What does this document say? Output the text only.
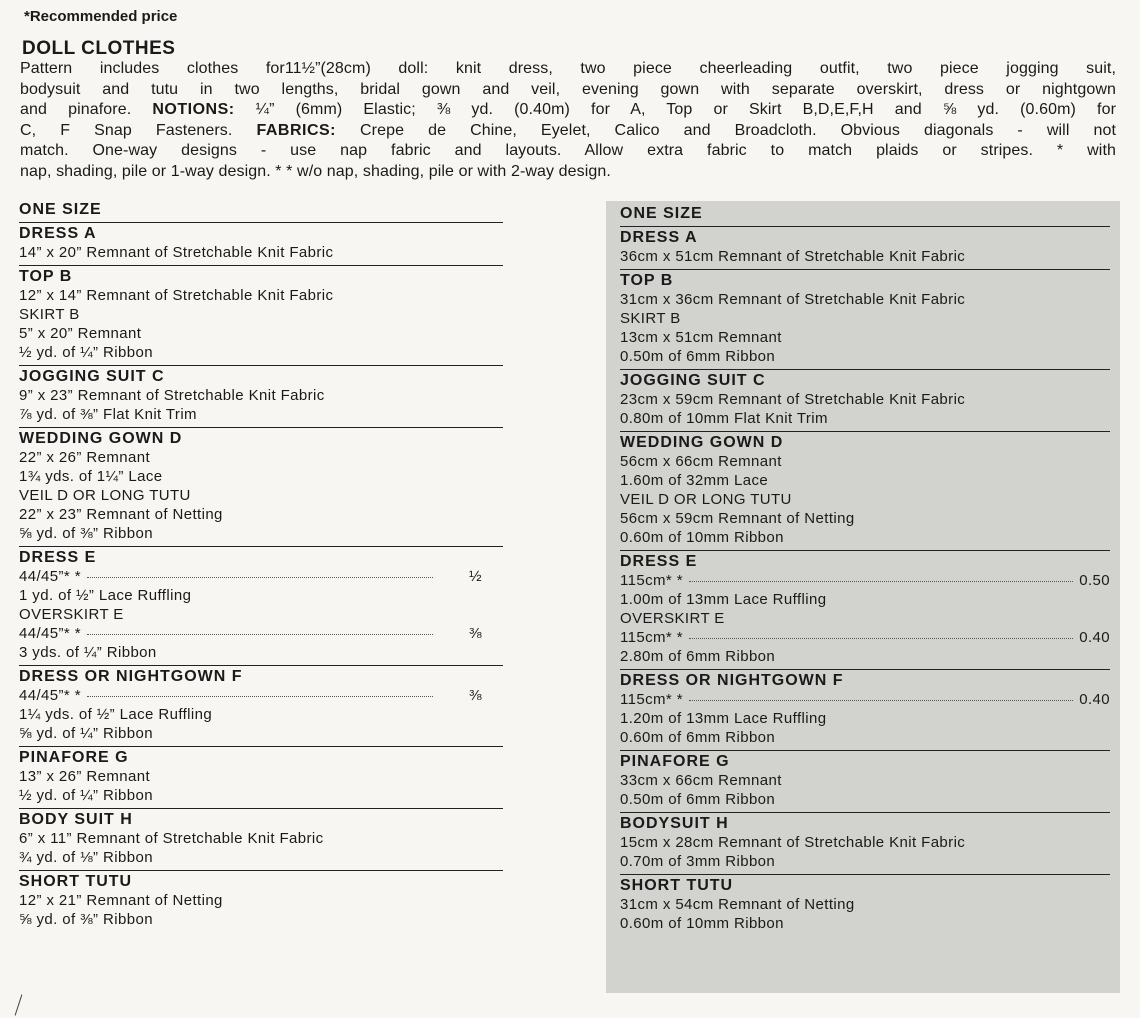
*Recommended price
DOLL CLOTHES
Pattern includes clothes for11½”(28cm) doll: knit dress, two piece cheerleading outfit, two piece jogging suit,
bodysuit and tutu in two lengths, bridal gown and veil, evening gown with separate overskirt, dress or nightgown
and pinafore. NOTIONS: ¼” (6mm) Elastic; ⅜ yd. (0.40m) for A, Top or Skirt B,D,E,F,H and ⅝ yd. (0.60m) for
C, F Snap Fasteners. FABRICS: Crepe de Chine, Eyelet, Calico and Broadcloth. Obvious diagonals - will not
match. One-way designs - use nap fabric and layouts. Allow extra fabric to match plaids or stripes. * with
nap, shading, pile or 1-way design. * * w/o nap, shading, pile or with 2-way design.
ONE SIZE
DRESS A
14” x 20” Remnant of Stretchable Knit Fabric
TOP B
12” x 14” Remnant of Stretchable Knit Fabric
SKIRT B
5” x 20” Remnant
½ yd. of ¼” Ribbon
JOGGING SUIT C
9” x 23” Remnant of Stretchable Knit Fabric
⅞ yd. of ⅜” Flat Knit Trim
WEDDING GOWN D
22” x 26” Remnant
1¾ yds. of 1¼” Lace
VEIL D OR LONG TUTU
22” x 23” Remnant of Netting
⅝ yd. of ⅜” Ribbon
DRESS E
44/45”* *	½
1 yd. of ½” Lace Ruffling
OVERSKIRT E
44/45”* *	⅜
3 yds. of ¼” Ribbon
DRESS OR NIGHTGOWN F
44/45”* *	⅜
1¼ yds. of ½” Lace Ruffling
⅝ yd. of ¼” Ribbon
PINAFORE G
13” x 26” Remnant
½ yd. of ¼” Ribbon
BODY SUIT H
6” x 11” Remnant of Stretchable Knit Fabric
¾ yd. of ⅛” Ribbon
SHORT TUTU
12” x 21” Remnant of Netting
⅝ yd. of ⅜” Ribbon
ONE SIZE
DRESS A
36cm x 51cm Remnant of Stretchable Knit Fabric
TOP B
31cm x 36cm Remnant of Stretchable Knit Fabric
SKIRT B
13cm x 51cm Remnant
0.50m of 6mm Ribbon
JOGGING SUIT C
23cm x 59cm Remnant of Stretchable Knit Fabric
0.80m of 10mm Flat Knit Trim
WEDDING GOWN D
56cm x 66cm Remnant
1.60m of 32mm Lace
VEIL D OR LONG TUTU
56cm x 59cm Remnant of Netting
0.60m of 10mm Ribbon
DRESS E
115cm* *	0.50
1.00m of 13mm Lace Ruffling
OVERSKIRT E
115cm* *	0.40
2.80m of 6mm Ribbon
DRESS OR NIGHTGOWN F
115cm* *	0.40
1.20m of 13mm Lace Ruffling
0.60m of 6mm Ribbon
PINAFORE G
33cm x 66cm Remnant
0.50m of 6mm Ribbon
BODYSUIT H
15cm x 28cm Remnant of Stretchable Knit Fabric
0.70m of 3mm Ribbon
SHORT TUTU
31cm x 54cm Remnant of Netting
0.60m of 10mm Ribbon
